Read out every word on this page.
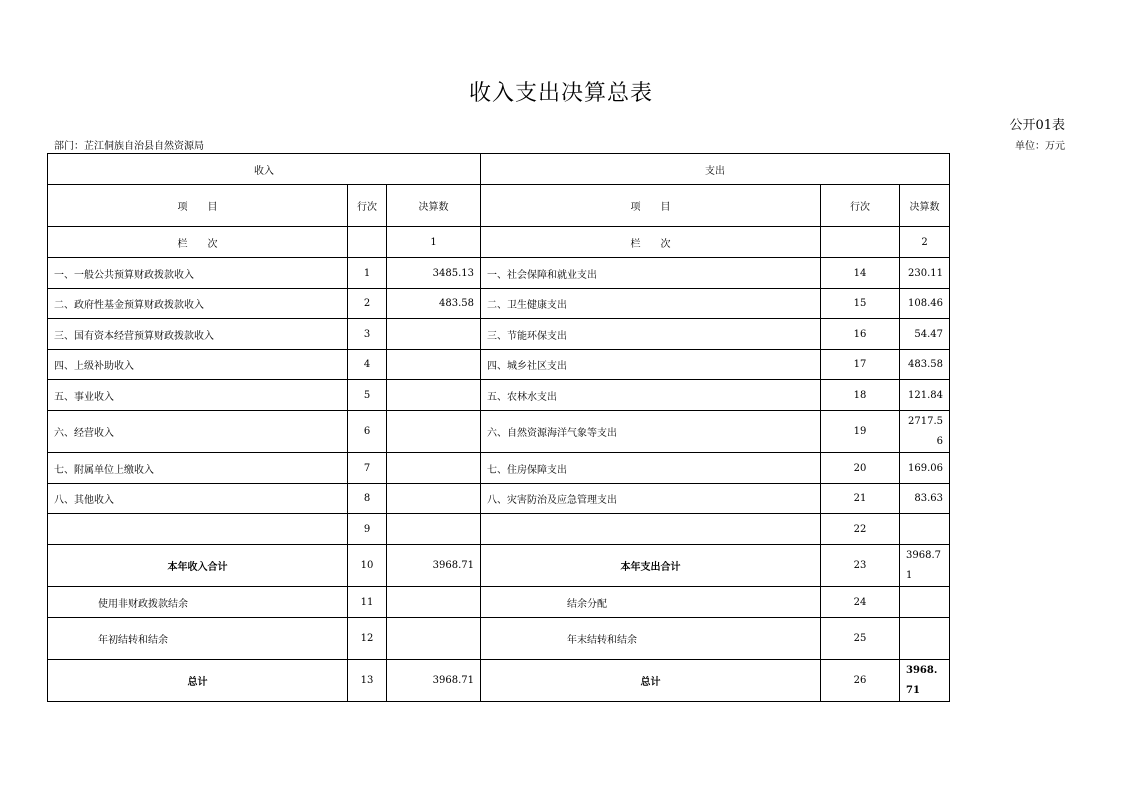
收入支出决算总表
公开01表
部门：芷江侗族自治县自然资源局	单位：万元
收入			支出		
项　　目	行次	决算数	项　　目	行次	决算数
栏　　次		1	栏　　次		2
一、一般公共预算财政拨款收入	1	3485.13	一、社会保障和就业支出	14	230.11
二、政府性基金预算财政拨款收入	2	483.58	二、卫生健康支出	15	108.46
三、国有资本经营预算财政拨款收入	3		三、节能环保支出	16	54.47
四、上级补助收入	4		四、城乡社区支出	17	483.58
五、事业收入	5		五、农林水支出	18	121.84
六、经营收入	6		六、自然资源海洋气象等支出	19	2717.56
七、附属单位上缴收入	7		七、住房保障支出	20	169.06
八、其他收入	8		八、灾害防治及应急管理支出	21	83.63
	9			22	
本年收入合计	10	3968.71	本年支出合计	23	3968.71
使用非财政拨款结余	11		结余分配	24	
年初结转和结余	12		年末结转和结余	25	
总计	13	3968.71	总计	26	3968.71
